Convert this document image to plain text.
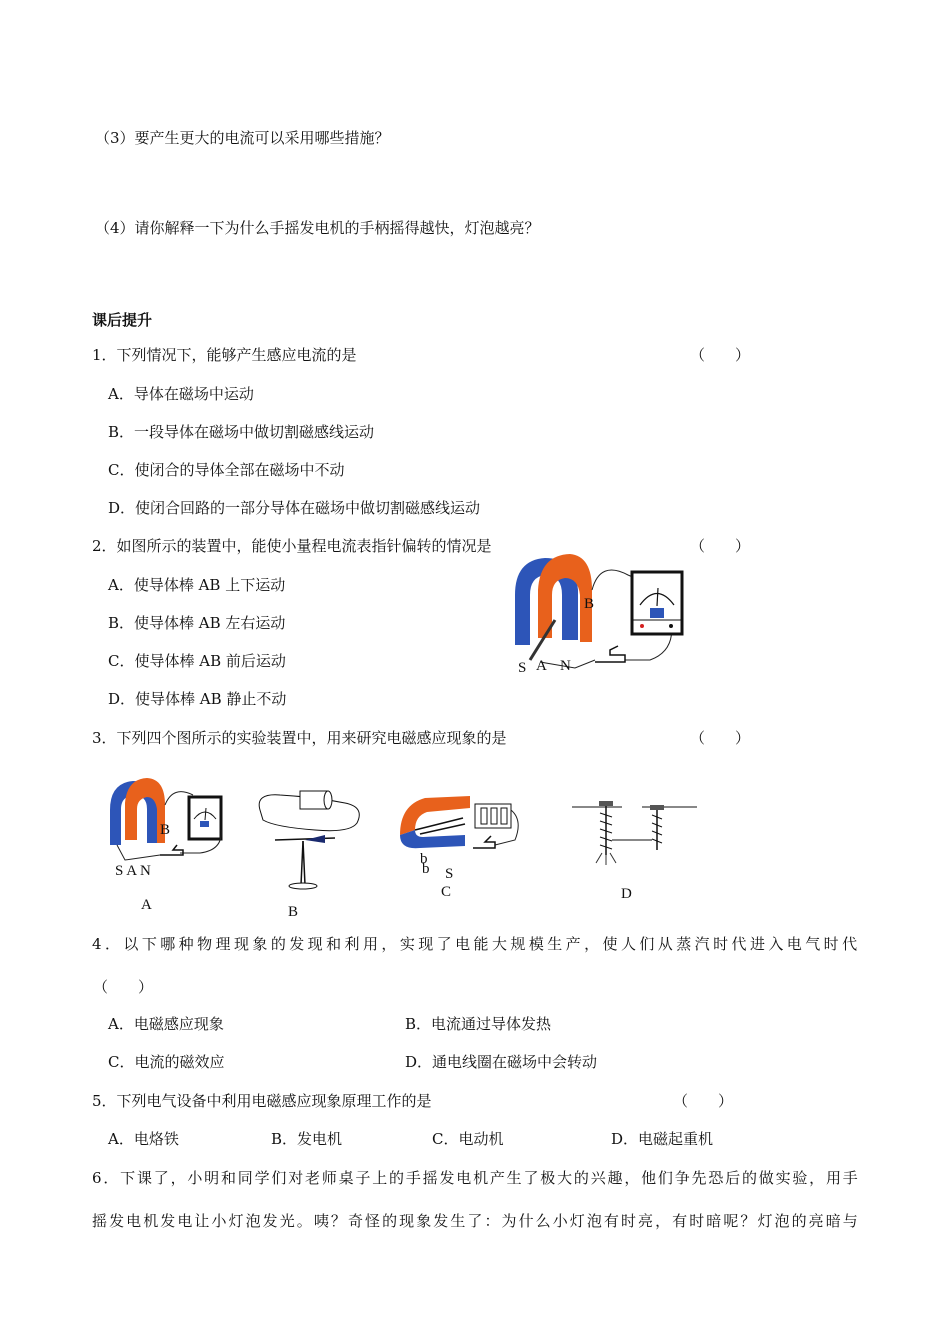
（3）要产生更大的电流可以采用哪些措施？
（4）请你解释一下为什么手摇发电机的手柄摇得越快，灯泡越亮？
课后提升
1．下列情况下，能够产生感应电流的是	（　　）
A．导体在磁场中运动
B．一段导体在磁场中做切割磁感线运动
C．使闭合的导体全部在磁场中不动
D．使闭合回路的一部分导体在磁场中做切割磁感线运动
2．如图所示的装置中，能使小量程电流表指针偏转的情况是	（　　）
A．使导体棒 AB 上下运动
B．使导体棒 AB 左右运动
C．使导体棒 AB 前后运动
D．使导体棒 AB 静止不动
B
S A N
3．下列四个图所示的实验装置中，用来研究电磁感应现象的是	（　　）
B
S A N
A	B
b
b S
C	D
4．以下哪种物理现象的发现和利用，实现了电能大规模生产，使人们从蒸汽时代进入电气时代
（　　）
A．电磁感应现象	B．电流通过导体发热
C．电流的磁效应	D．通电线圈在磁场中会转动
5．下列电气设备中利用电磁感应现象原理工作的是	（　　）
A．电烙铁	B．发电机	C．电动机	D．电磁起重机
6．下课了，小明和同学们对老师桌子上的手摇发电机产生了极大的兴趣，他们争先恐后的做实验，用手
摇发电机发电让小灯泡发光。咦？奇怪的现象发生了：为什么小灯泡有时亮，有时暗呢？灯泡的亮暗与
